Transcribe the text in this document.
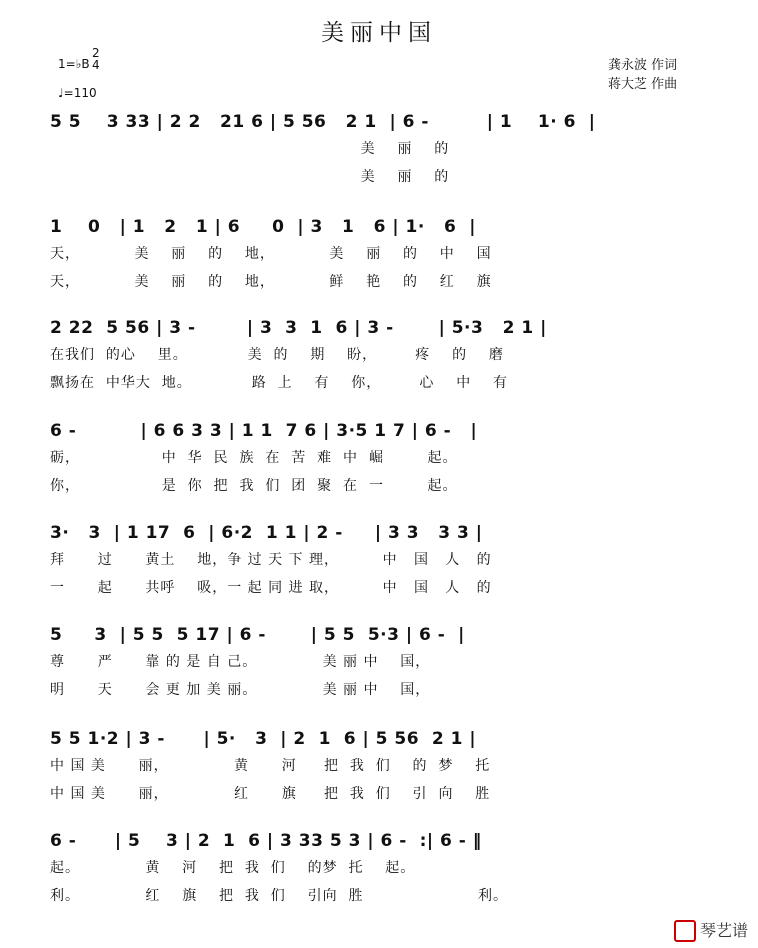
美丽中国
1=♭B
2
4
♩=110
龚永波 作词
蒋大芝 作曲
5 5    3 33 | 2 2   21 6 | 5 56   2 1  | 6 -         | 1    1· 6  |
美    丽    的
美    丽    的
1    0   | 1   2   1 | 6     0  | 3   1   6 | 1·   6  |
天，          美    丽    的    地，          美    丽    的    中    国
天，          美    丽    的    地，          鲜    艳    的    红    旗
2 22  5 56 | 3 -        | 3  3  1  6 | 3 -       | 5·3   2 1 |
在我们  的心    里。           美  的    期    盼，       疼    的    磨
飘扬在  中华大  地。           路  上    有    你，       心    中    有
6 -          | 6 6 3 3 | 1 1  7 6 | 3·5 1 7 | 6 -   |
砺，               中  华  民  族  在  苦  难  中  崛        起。
你，               是  你  把  我  们  团  聚  在  一        起。
3·   3  | 1 17  6  | 6·2  1 1 | 2 -     | 3 3   3 3 |
拜      过      黄土    地，争 过 天 下 理，        中   国   人   的
一      起      共呼    吸，一 起 同 进 取，        中   国   人   的
5     3  | 5 5  5 17 | 6 -       | 5 5  5·3 | 6 -  |
尊      严      靠 的 是 自 己。            美 丽 中    国，
明      天      会 更 加 美 丽。            美 丽 中    国，
5 5 1·2 | 3 -      | 5·   3  | 2  1  6 | 5 56  2 1 |
中 国 美      丽，            黄      河     把  我  们    的  梦    托
中 国 美      丽，            红      旗     把  我  们    引  向    胜
6 -      | 5    3 | 2  1  6 | 3 33 5 3 | 6 -  :| 6 - ‖
起。            黄    河    把  我  们    的梦  托    起。
利。            红    旗    把  我  们    引向  胜                     利。
琴艺谱
